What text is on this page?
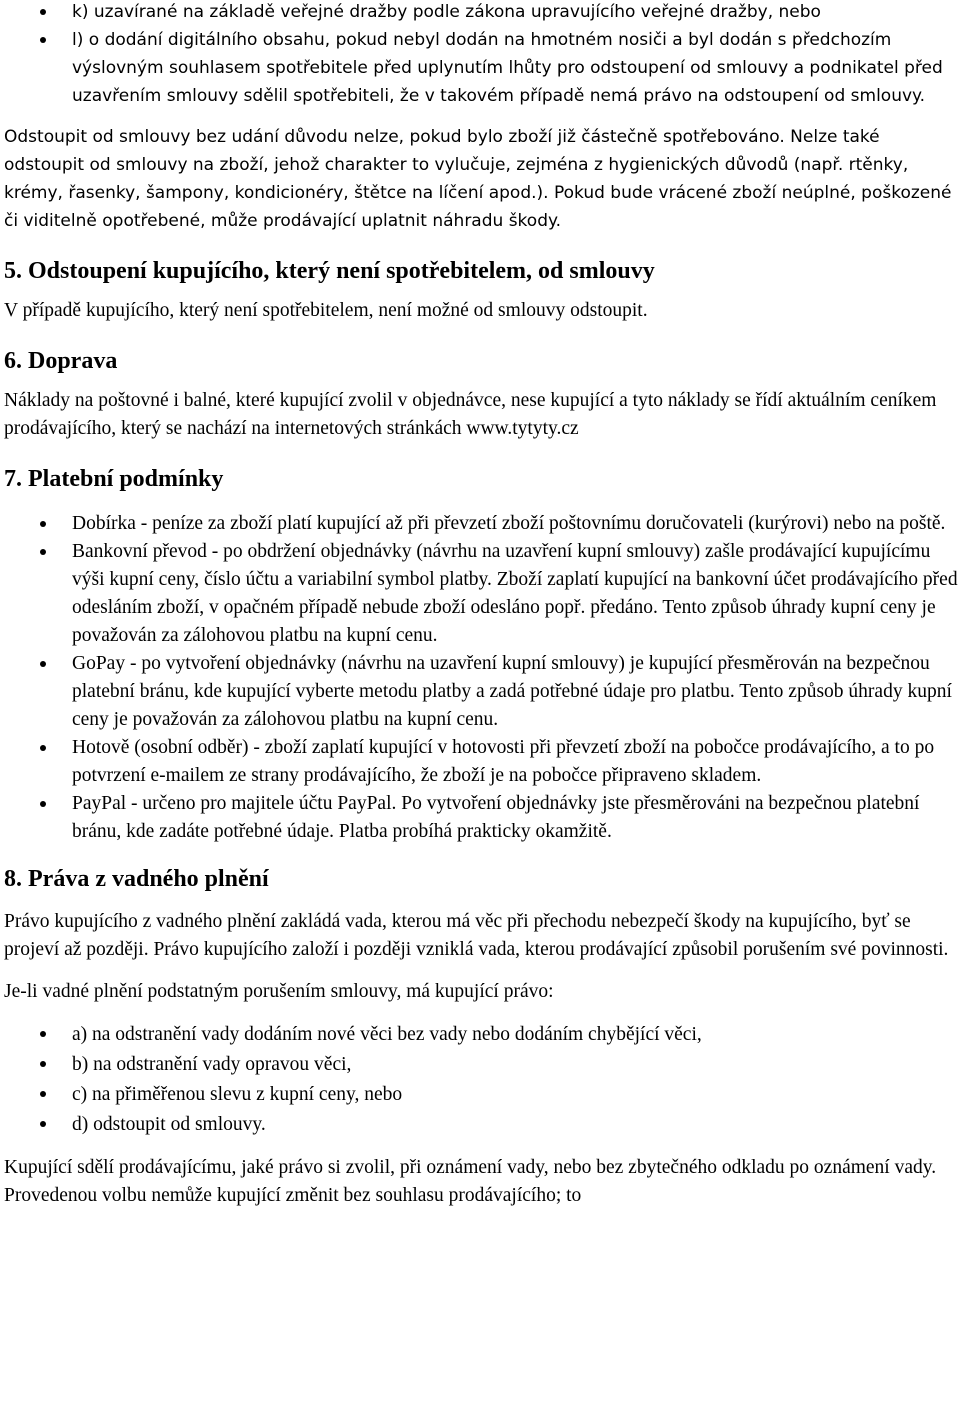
k) uzavírané na základě veřejné dražby podle zákona upravujícího veřejné dražby, nebo
l) o dodání digitálního obsahu, pokud nebyl dodán na hmotném nosiči a byl dodán s předchozím výslovným souhlasem spotřebitele před uplynutím lhůty pro odstoupení od smlouvy a podnikatel před uzavřením smlouvy sdělil spotřebiteli, že v takovém případě nemá právo na odstoupení od smlouvy.

Odstoupit od smlouvy bez udání důvodu nelze, pokud bylo zboží již částečně spotřebováno. Nelze také odstoupit od smlouvy na zboží, jehož charakter to vylučuje, zejména z hygienických důvodů (např. rtěnky, krémy, řasenky, šampony, kondicionéry, štětce na líčení apod.). Pokud bude vrácené zboží neúplné, poškozené či viditelně opotřebené, může prodávající uplatnit náhradu škody.

5. Odstoupení kupujícího, který není spotřebitelem, od smlouvy

V případě kupujícího, který není spotřebitelem, není možné od smlouvy odstoupit.

6. Doprava

Náklady na poštovné i balné, které kupující zvolil v objednávce, nese kupující a tyto náklady se řídí aktuálním ceníkem prodávajícího, který se nachází na internetových stránkách www.tytyty.cz

7. Platební podmínky
Dobírka - peníze za zboží platí kupující až při převzetí zboží poštovnímu doručovateli (kurýrovi) nebo na poště.
Bankovní převod - po obdržení objednávky (návrhu na uzavření kupní smlouvy) zašle prodávající kupujícímu výši kupní ceny, číslo účtu a variabilní symbol platby. Zboží zaplatí kupující na bankovní účet prodávajícího před odesláním zboží, v opačném případě nebude zboží odesláno popř. předáno. Tento způsob úhrady kupní ceny je považován za zálohovou platbu na kupní cenu.
GoPay - po vytvoření objednávky (návrhu na uzavření kupní smlouvy) je kupující přesměrován na bezpečnou platební bránu, kde kupující vyberte metodu platby a zadá potřebné údaje pro platbu. Tento způsob úhrady kupní ceny je považován za zálohovou platbu na kupní cenu.
Hotově (osobní odběr) - zboží zaplatí kupující v hotovosti při převzetí zboží na pobočce prodávajícího, a to po potvrzení e-mailem ze strany prodávajícího, že zboží je na pobočce připraveno skladem.
PayPal - určeno pro majitele účtu PayPal. Po vytvoření objednávky jste přesměrováni na bezpečnou platební bránu, kde zadáte potřebné údaje. Platba probíhá prakticky okamžitě.
8. Práva z vadného plnění

Právo kupujícího z vadného plnění zakládá vada, kterou má věc při přechodu nebezpečí škody na kupujícího, byť se projeví až později. Právo kupujícího založí i později vzniklá vada, kterou prodávající způsobil porušením své povinnosti.

Je-li vadné plnění podstatným porušením smlouvy, má kupující právo:

a) na odstranění vady dodáním nové věci bez vady nebo dodáním chybějící věci,
b) na odstranění vady opravou věci,
c) na přiměřenou slevu z kupní ceny, nebo
d) odstoupit od smlouvy.

Kupující sdělí prodávajícímu, jaké právo si zvolil, při oznámení vady, nebo bez zbytečného odkladu po oznámení vady. Provedenou volbu nemůže kupující změnit bez souhlasu prodávajícího; to
